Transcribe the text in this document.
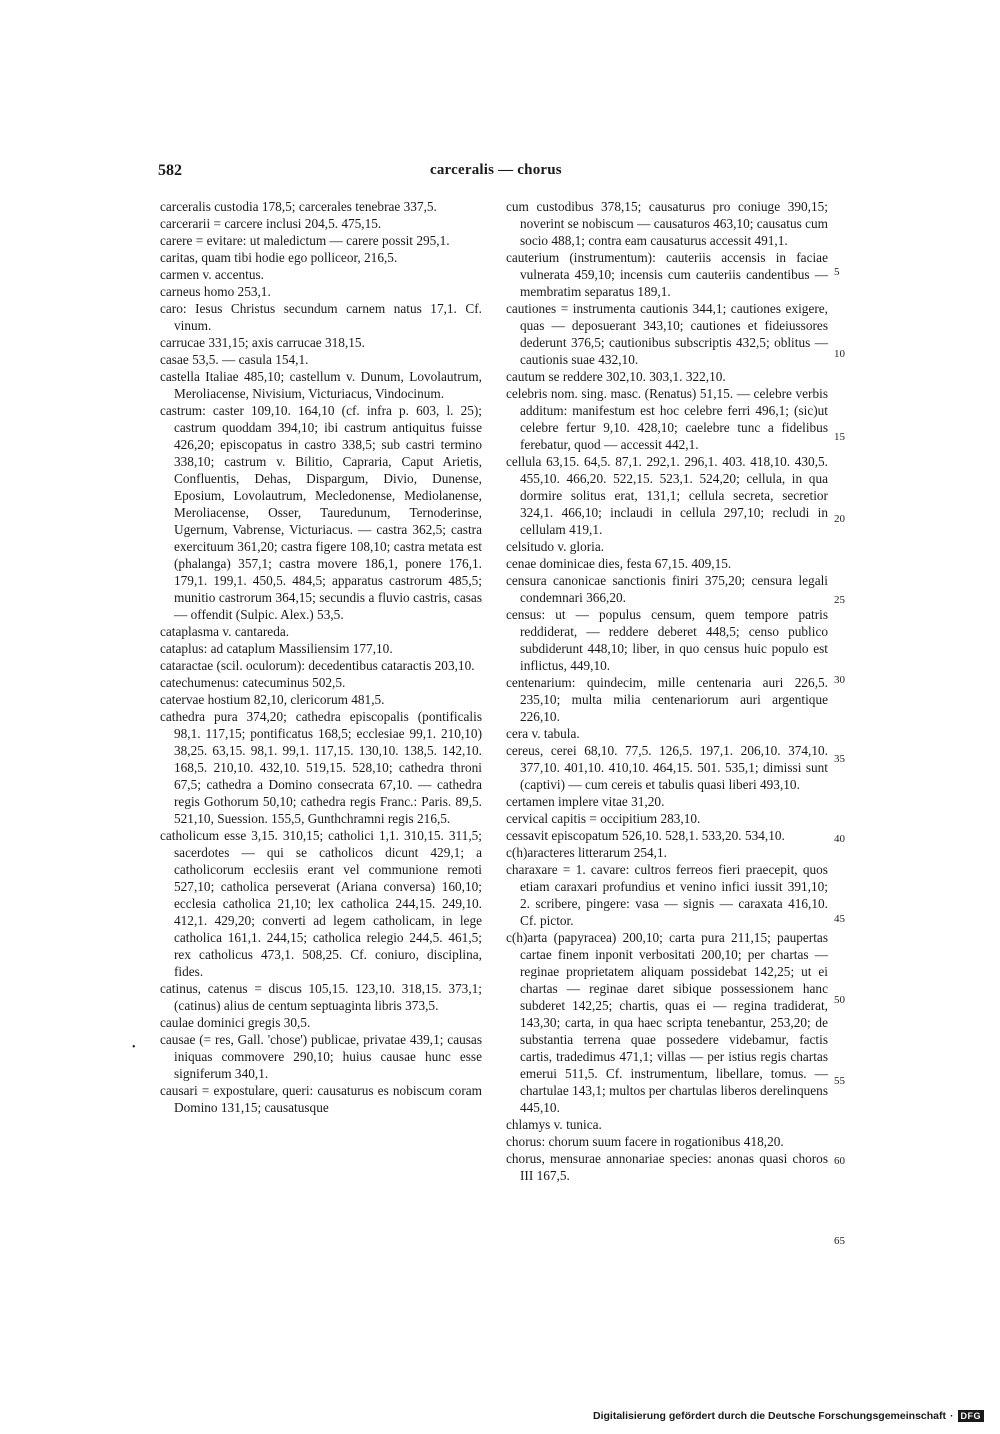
582	carceralis — chorus

carceralis custodia 178,5; carcerales tenebrae 337,5.

carcerarii = carcere inclusi 204,5. 475,15.

carere = evitare: ut maledictum — carere possit 295,1.

caritas, quam tibi hodie ego polliceor, 216,5.

carmen v. accentus.

carneus homo 253,1.

caro: Iesus Christus secundum carnem natus 17,1. Cf. vinum.

carrucae 331,15; axis carrucae 318,15.

casae 53,5. — casula 154,1.

castella Italiae 485,10; castellum v. Dunum, Lovolautrum, Meroliacense, Nivisium, Victuriacus, Vindocinum.

castrum: caster 109,10. 164,10 (cf. infra p. 603, l. 25); castrum quoddam 394,10; ibi castrum antiquitus fuisse 426,20; episcopatus in castro 338,5; sub castri termino 338,10; castrum v. Bilitio, Capraria, Caput Arietis, Confluentis, Dehas, Dispargum, Divio, Dunense, Eposium, Lovolautrum, Mecledonense, Mediolanense, Meroliacense, Osser, Tauredunum, Ternoderinse, Ugernum, Vabrense, Victuriacus. — castra 362,5; castra exercituum 361,20; castra figere 108,10; castra metata est (phalanga) 357,1; castra movere 186,1, ponere 176,1. 179,1. 199,1. 450,5. 484,5; apparatus castrorum 485,5; munitio castrorum 364,15; secundis a fluvio castris, casas — offendit (Sulpic. Alex.) 53,5.

cataplasma v. cantareda.

cataplus: ad cataplum Massiliensim 177,10.

cataractae (scil. oculorum): decedentibus cataractis 203,10.

catechumenus: catecuminus 502,5.

catervae hostium 82,10, clericorum 481,5.

cathedra pura 374,20; cathedra episcopalis (pontificalis 98,1. 117,15; pontificatus 168,5; ecclesiae 99,1. 210,10) 38,25. 63,15. 98,1. 99,1. 117,15. 130,10. 138,5. 142,10. 168,5. 210,10. 432,10. 519,15. 528,10; cathedra throni 67,5; cathedra a Domino consecrata 67,10. — cathedra regis Gothorum 50,10; cathedra regis Franc.: Paris. 89,5. 521,10, Suession. 155,5, Gunthchramni regis 216,5.

catholicum esse 3,15. 310,15; catholici 1,1. 310,15. 311,5; sacerdotes — qui se catholicos dicunt 429,1; a catholicorum ecclesiis erant vel communione remoti 527,10; catholica perseverat (Ariana conversa) 160,10; ecclesia catholica 21,10; lex catholica 244,15. 249,10. 412,1. 429,20; converti ad legem catholicam, in lege catholica 161,1. 244,15; catholica relegio 244,5. 461,5; rex catholicus 473,1. 508,25. Cf. coniuro, disciplina, fides.

catinus, catenus = discus 105,15. 123,10. 318,15. 373,1; (catinus) alius de centum septuaginta libris 373,5.

caulae dominici gregis 30,5.

causae (= res, Gall. 'chose') publicae, privatae 439,1; causas iniquas commovere 290,10; huius causae hunc esse signiferum 340,1.

causari = expostulare, queri: causaturus es nobiscum coram Domino 131,15; causatusque

cum custodibus 378,15; causaturus pro coniuge 390,15; noverint se nobiscum — causaturos 463,10; causatus cum socio 488,1; contra eam causaturus accessit 491,1.

cauterium (instrumentum): cauteriis accensis in faciae vulnerata 459,10; incensis cum cauteriis candentibus — membratim separatus 189,1.

cautiones = instrumenta cautionis 344,1; cautiones exigere, quas — deposuerant 343,10; cautiones et fideiussores dederunt 376,5; cautionibus subscriptis 432,5; oblitus — cautionis suae 432,10.

cautum se reddere 302,10. 303,1. 322,10.

celebris nom. sing. masc. (Renatus) 51,15. — celebre verbis additum: manifestum est hoc celebre ferri 496,1; (sic)ut celebre fertur 9,10. 428,10; caelebre tunc a fidelibus ferebatur, quod — accessit 442,1.

cellula 63,15. 64,5. 87,1. 292,1. 296,1. 403. 418,10. 430,5. 455,10. 466,20. 522,15. 523,1. 524,20; cellula, in qua dormire solitus erat, 131,1; cellula secreta, secretior 324,1. 466,10; inclaudi in cellula 297,10; recludi in cellulam 419,1.

celsitudo v. gloria.

cenae dominicae dies, festa 67,15. 409,15.

censura canonicae sanctionis finiri 375,20; censura legali condemnari 366,20.

census: ut — populus censum, quem tempore patris reddiderat, — reddere deberet 448,5; censo publico subdiderunt 448,10; liber, in quo census huic populo est inflictus, 449,10.

centenarium: quindecim, mille centenaria auri 226,5. 235,10; multa milia centenariorum auri argentique 226,10.

cera v. tabula.

cereus, cerei 68,10. 77,5. 126,5. 197,1. 206,10. 374,10. 377,10. 401,10. 410,10. 464,15. 501. 535,1; dimissi sunt (captivi) — cum cereis et tabulis quasi liberi 493,10.

certamen implere vitae 31,20.

cervical capitis = occipitium 283,10.

cessavit episcopatum 526,10. 528,1. 533,20. 534,10.

c(h)aracteres litterarum 254,1.

charaxare = 1. cavare: cultros ferreos fieri praecepit, quos etiam caraxari profundius et venino infici iussit 391,10; 2. scribere, pingere: vasa — signis — caraxata 416,10. Cf. pictor.

c(h)arta (papyracea) 200,10; carta pura 211,15; paupertas cartae finem inponit verbositati 200,10; per chartas — reginae proprietatem aliquam possidebat 142,25; ut ei chartas — reginae daret sibique possessionem hanc subderet 142,25; chartis, quas ei — regina tradiderat, 143,30; carta, in qua haec scripta tenebantur, 253,20; de substantia terrena quae possedere videbamur, factis cartis, tradedimus 471,1; villas — per istius regis chartas emerui 511,5. Cf. instrumentum, libellare, tomus. — chartulae 143,1; multos per chartulas liberos derelinquens 445,10.

chlamys v. tunica.

chorus: chorum suum facere in rogationibus 418,20.

chorus, mensurae annonariae species: anonas quasi choros III 167,5.

5
10
15
20
25
30
35
40
45
50
55
60
65
•
Digitalisierung gefördert durch die Deutsche Forschungsgemeinschaft · DFG
